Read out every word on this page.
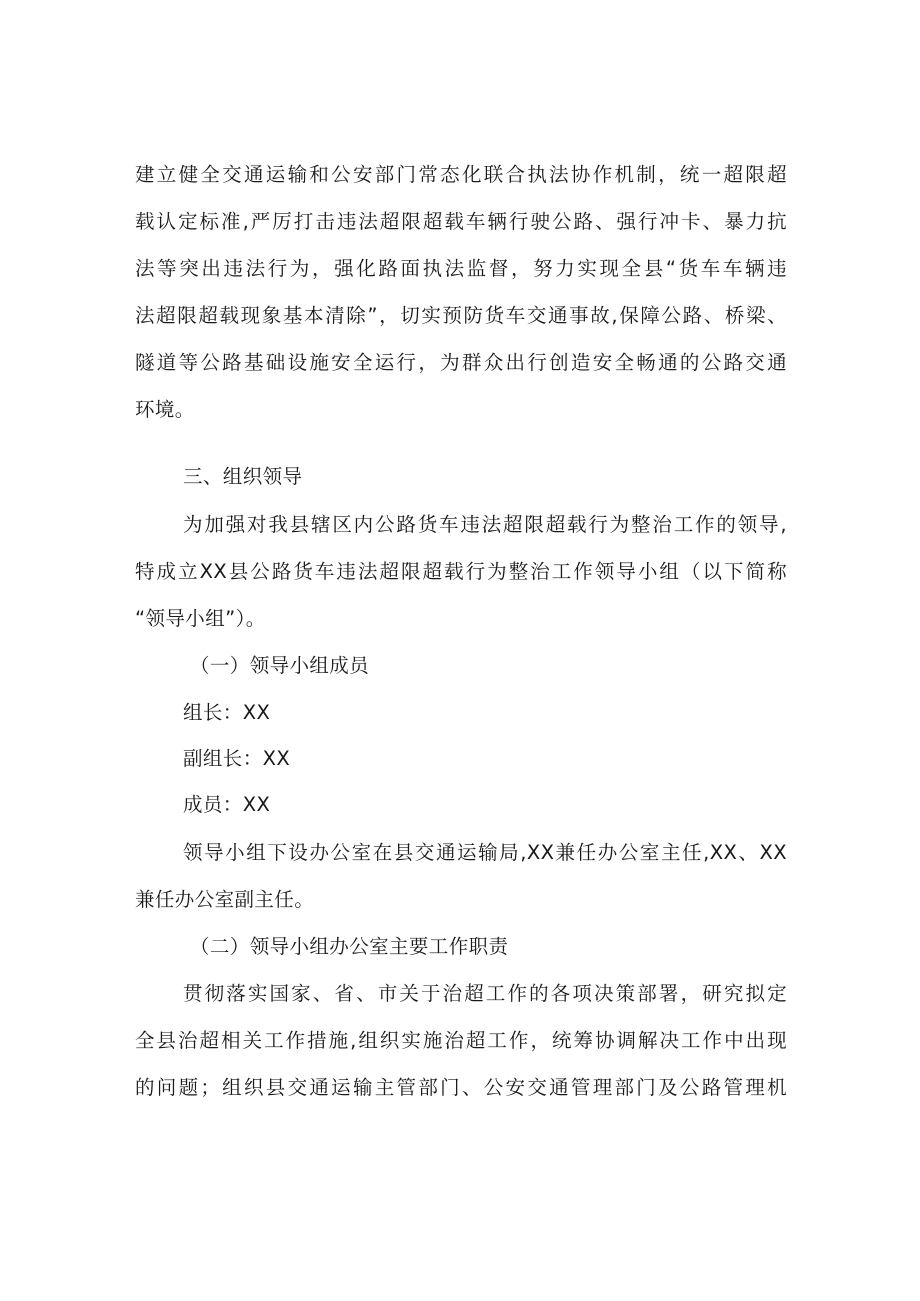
建立健全交通运输和公安部门常态化联合执法协作机制，统一超限超
载认定标准,严厉打击违法超限超载车辆行驶公路、强行冲卡、暴力抗
法等突出违法行为，强化路面执法监督，努力实现全县“货车车辆违
法超限超载现象基本清除”，切实预防货车交通事故,保障公路、桥梁、
隧道等公路基础设施安全运行，为群众出行创造安全畅通的公路交通
环境。
三、组织领导
为加强对我县辖区内公路货车违法超限超载行为整治工作的领导,
特成立XX县公路货车违法超限超载行为整治工作领导小组（以下简称
“领导小组”）。
（一）领导小组成员
组长：XX
副组长：XX
成员：XX
领导小组下设办公室在县交通运输局,XX兼任办公室主任,XX、XX
兼任办公室副主任。
（二）领导小组办公室主要工作职责
贯彻落实国家、省、市关于治超工作的各项决策部署，研究拟定
全县治超相关工作措施,组织实施治超工作，统筹协调解决工作中出现
的问题；组织县交通运输主管部门、公安交通管理部门及公路管理机
